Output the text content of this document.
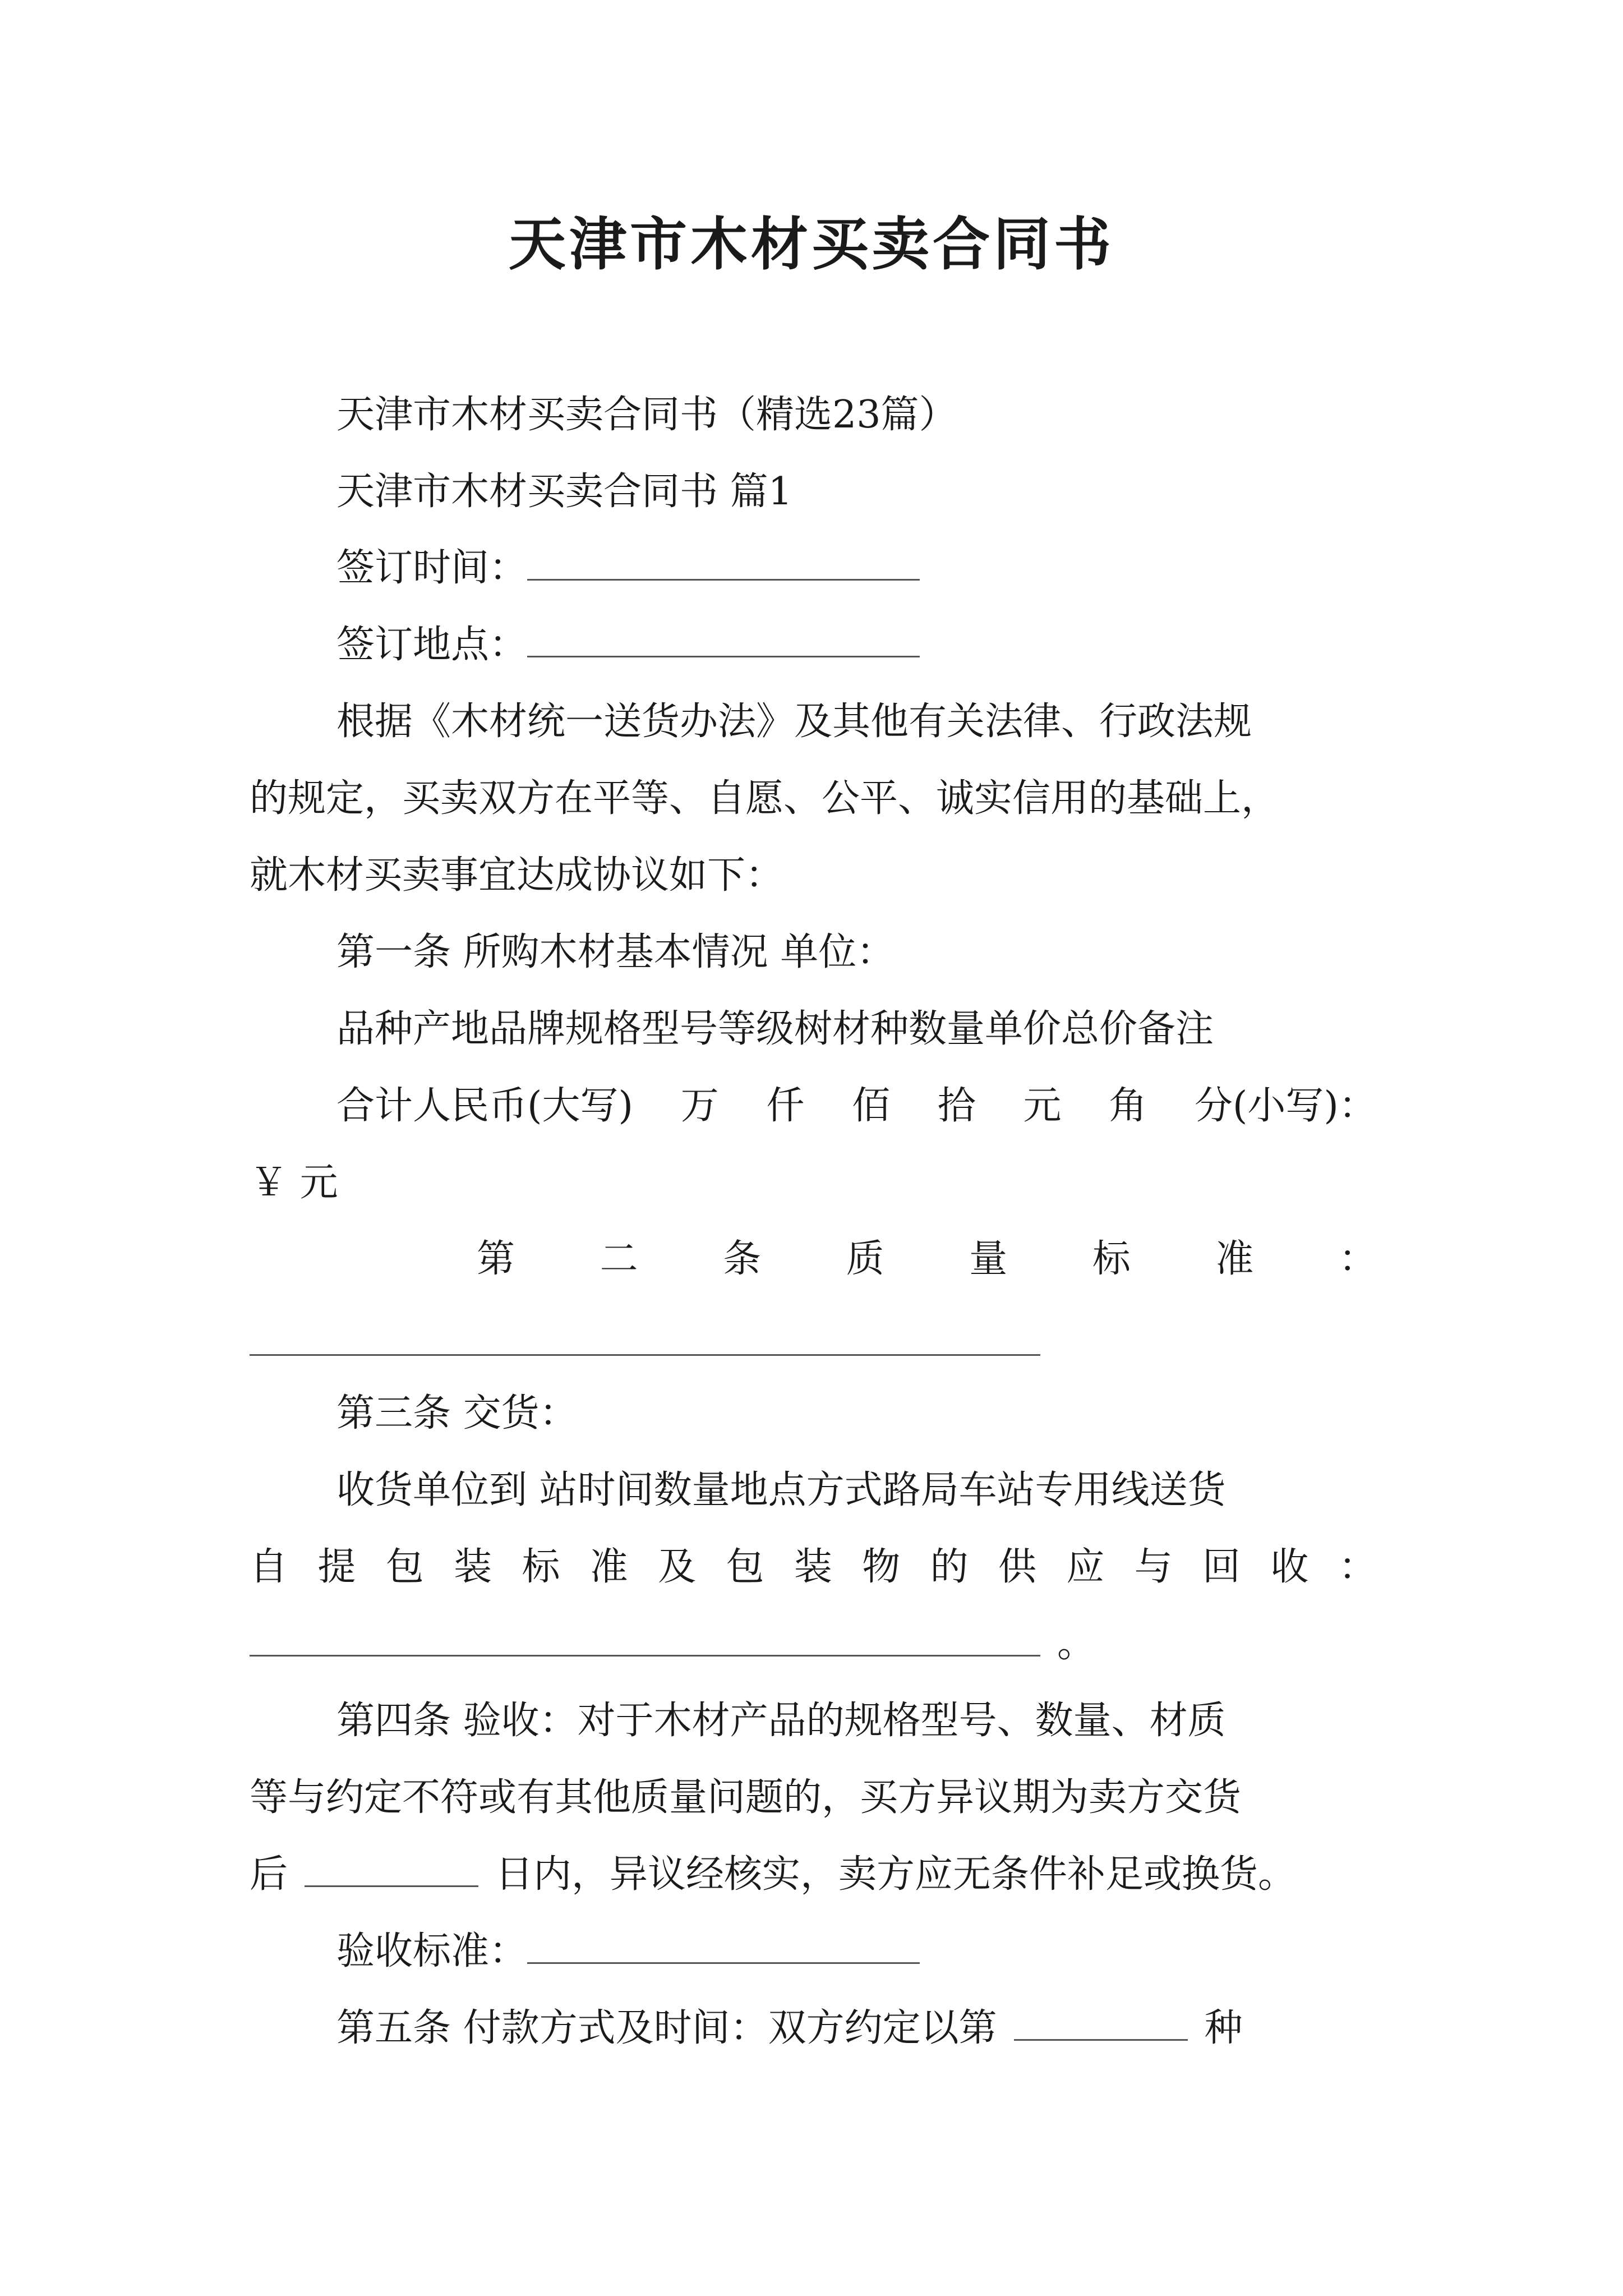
天津市木材买卖合同书
天津市木材买卖合同书（精选23篇）
天津市木材买卖合同书 篇1
签订时间：
签订地点：
根据《木材统一送货办法》及其他有关法律、行政法规
的规定，买卖双方在平等、自愿、公平、诚实信用的基础上，
就木材买卖事宜达成协议如下：
第一条 所购木材基本情况 单位：
品种产地品牌规格型号等级树材种数量单价总价备注
合计人民币(大写) 万 仟 佰 拾 元 角 分(小写)：
￥ 元
第 二 条 质 量 标 准 ：
第三条 交货：
收货单位到 站时间数量地点方式路局车站专用线送货
自 提 包 装 标 准 及 包 装 物 的 供 应 与 回 收 ：
。
第四条 验收：对于木材产品的规格型号、数量、材质
等与约定不符或有其他质量问题的，买方异议期为卖方交货
后	日内，异议经核实，卖方应无条件补足或换货。
验收标准：
第五条 付款方式及时间：双方约定以第	种
